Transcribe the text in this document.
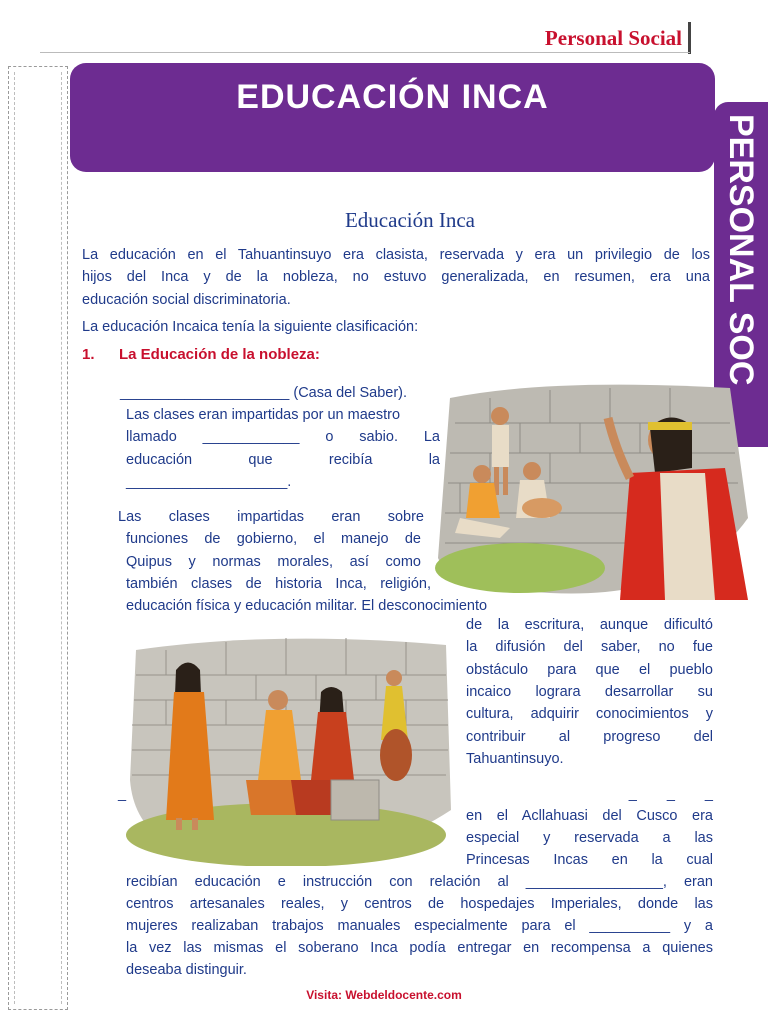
Personal Social
EDUCACIÓN INCA
PERSONAL SOC
Educación Inca
La educación en el Tahuantinsuyo era clasista, reservada y era un privilegio de los
hijos del Inca y de la nobleza, no estuvo generalizada, en resumen, era una
educación social discriminatoria.
La educación Incaica tenía la siguiente clasificación:
1. La Educación de la nobleza:
_____________________ (Casa del Saber).
Las clases eran impartidas por un maestro
llamado ____________ o sabio. La
educación que recibía la
____________________.
Las clases impartidas eran sobre
funciones de gobierno, el manejo de
Quipus y normas morales, así como
también clases de historia Inca, religión,
educación física y educación militar. El desconocimiento
de la escritura, aunque dificultó
la difusión del saber, no fue
obstáculo para que el pueblo
incaico lograra desarrollar su
cultura, adquirir conocimientos y
contribuir al progreso del
Tahuantinsuyo.
_	_ _ _
en el Acllahuasi del Cusco era
especial y reservada a las
Princesas Incas en la cual
recibían educación e instrucción con relación al _________________, eran
centros artesanales reales, y centros de hospedajes Imperiales, donde las
mujeres realizaban trabajos manuales especialmente para el __________ y a
la vez las mismas el soberano Inca podía entregar en recompensa a quienes
deseaba distinguir.
Visita: Webdeldocente.com
